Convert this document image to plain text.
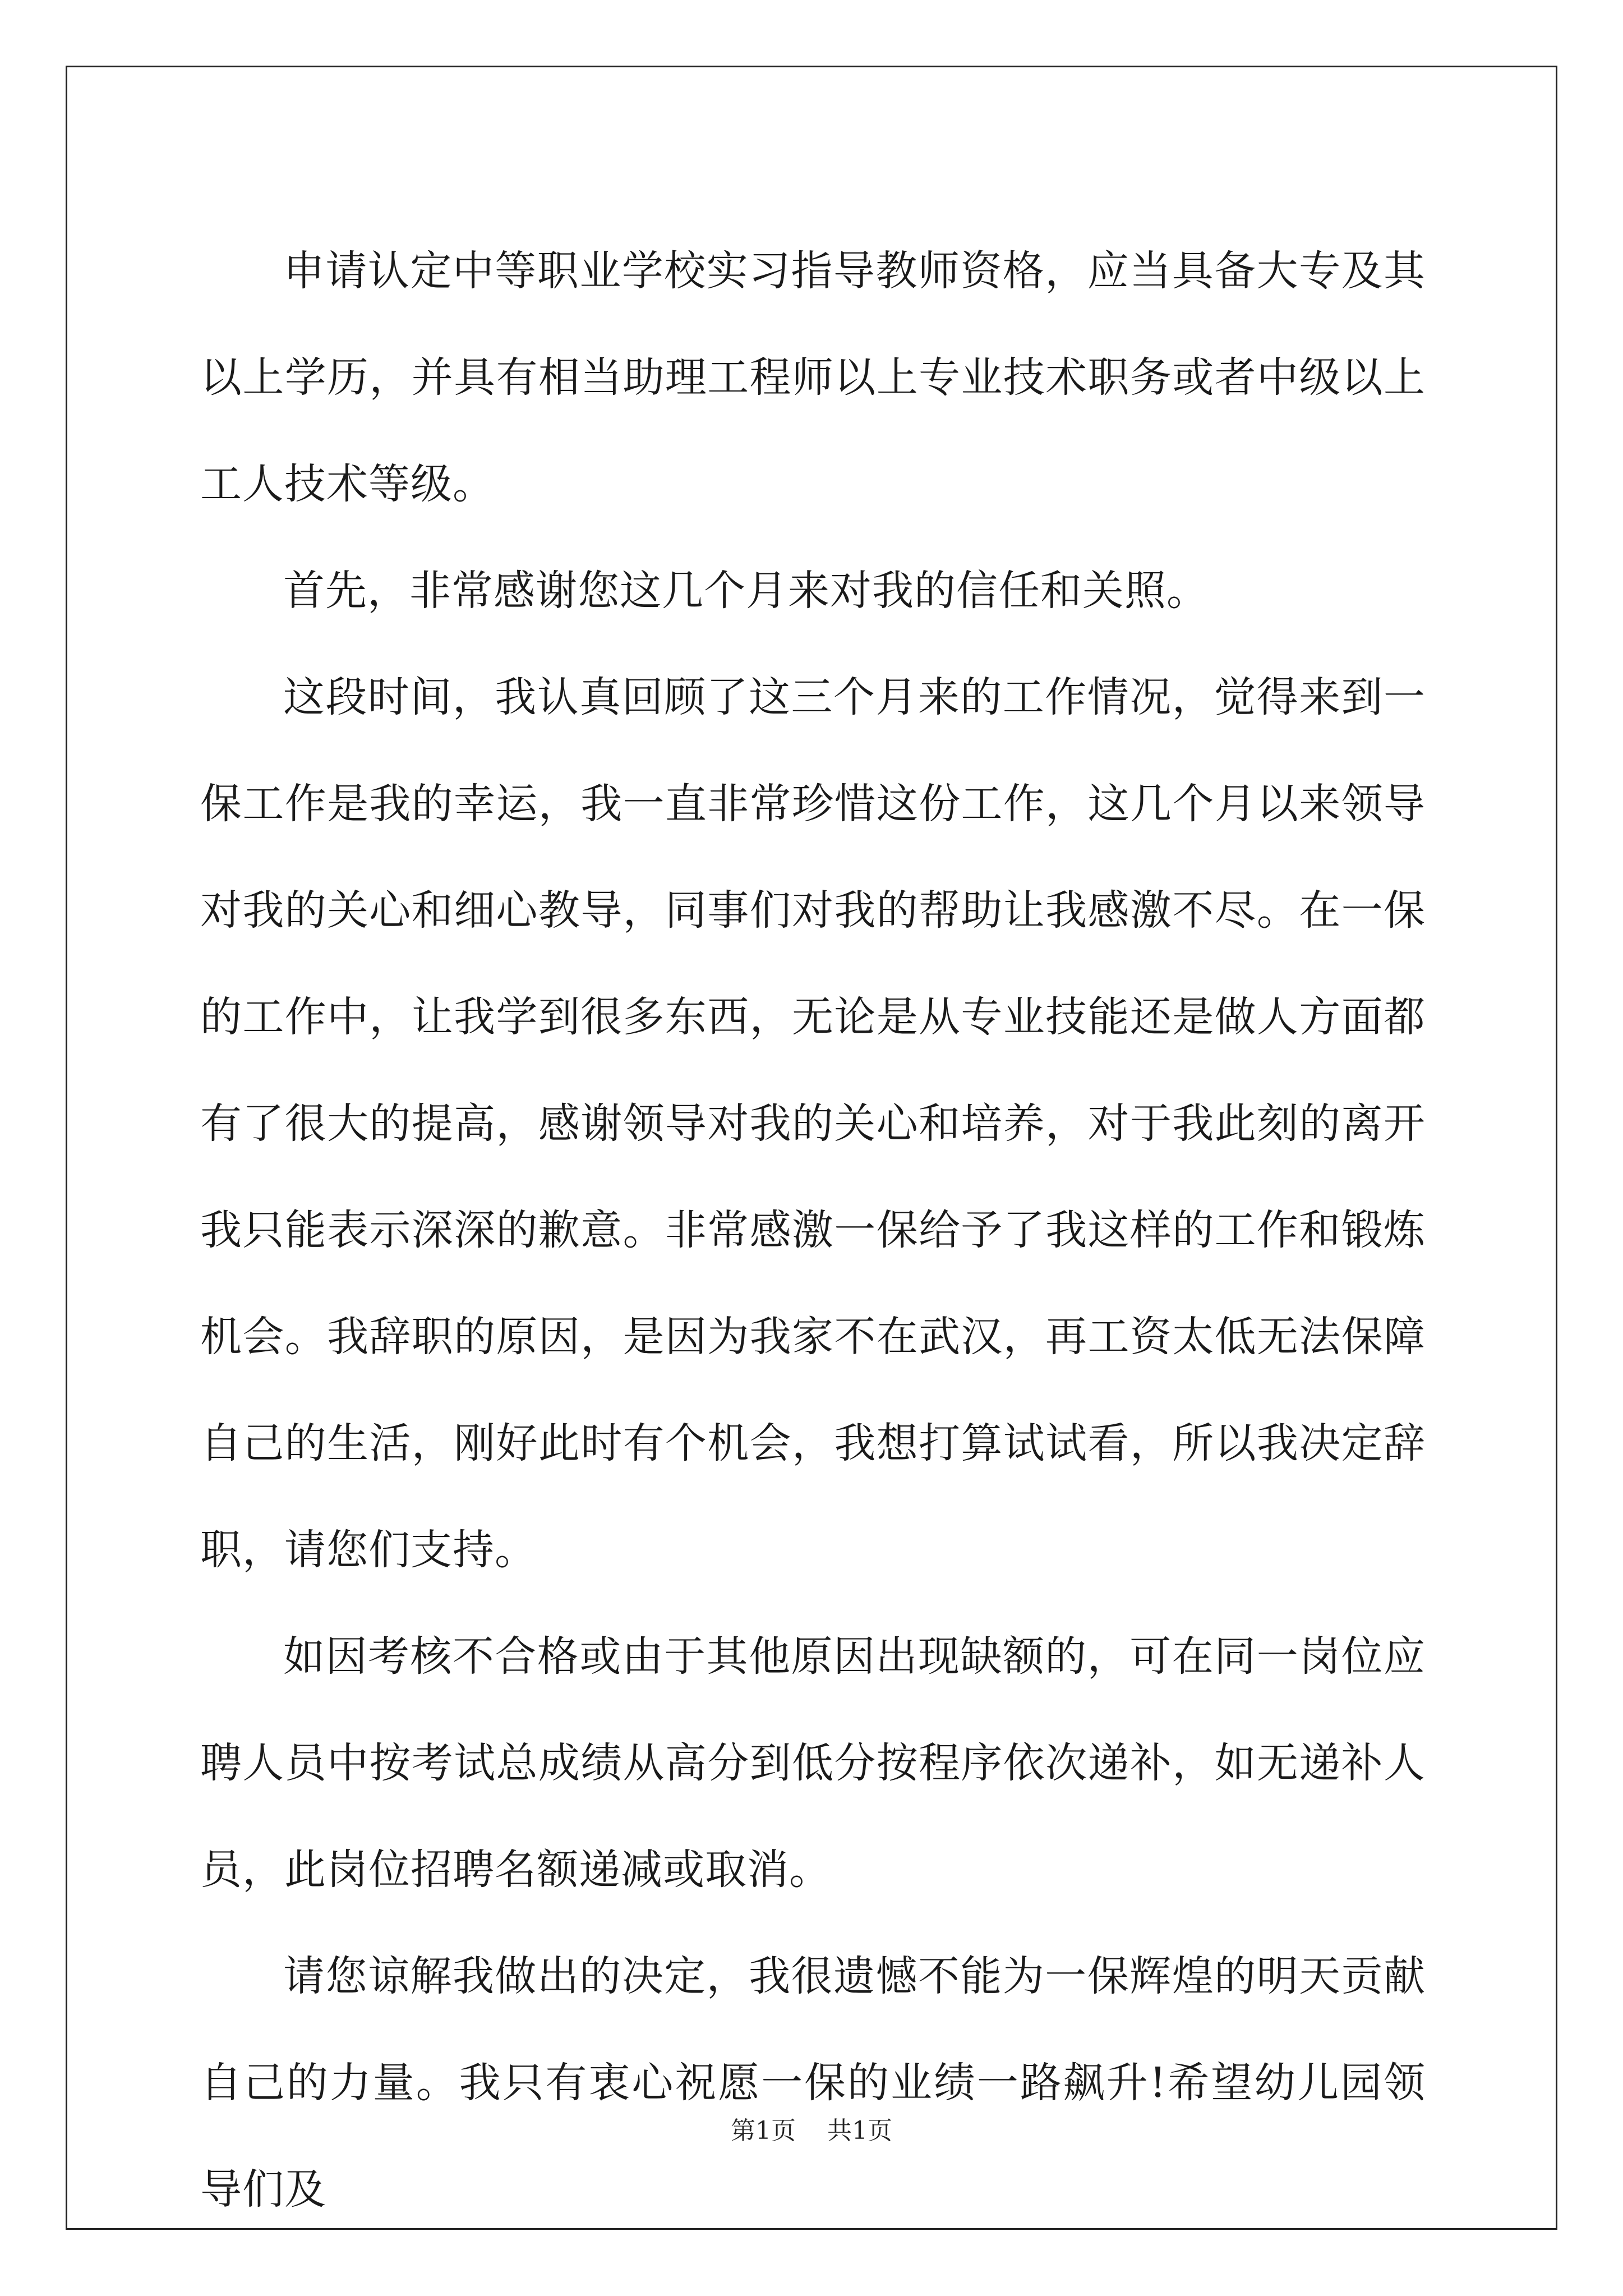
申请认定中等职业学校实习指导教师资格，应当具备大专及其以上学历，并具有相当助理工程师以上专业技术职务或者中级以上工人技术等级。

首先，非常感谢您这几个月来对我的信任和关照。

这段时间，我认真回顾了这三个月来的工作情况，觉得来到一保工作是我的幸运，我一直非常珍惜这份工作，这几个月以来领导对我的关心和细心教导，同事们对我的帮助让我感激不尽。在一保的工作中，让我学到很多东西，无论是从专业技能还是做人方面都有了很大的提高，感谢领导对我的关心和培养，对于我此刻的离开我只能表示深深的歉意。非常感激一保给予了我这样的工作和锻炼机会。我辞职的原因，是因为我家不在武汉，再工资太低无法保障自己的生活，刚好此时有个机会，我想打算试试看，所以我决定辞职，请您们支持。

如因考核不合格或由于其他原因出现缺额的，可在同一岗位应聘人员中按考试总成绩从高分到低分按程序依次递补，如无递补人员，此岗位招聘名额递减或取消。

请您谅解我做出的决定，我很遗憾不能为一保辉煌的明天贡献自己的力量。我只有衷心祝愿一保的业绩一路飙升!希望幼儿园领导们及

第1页 共1页
